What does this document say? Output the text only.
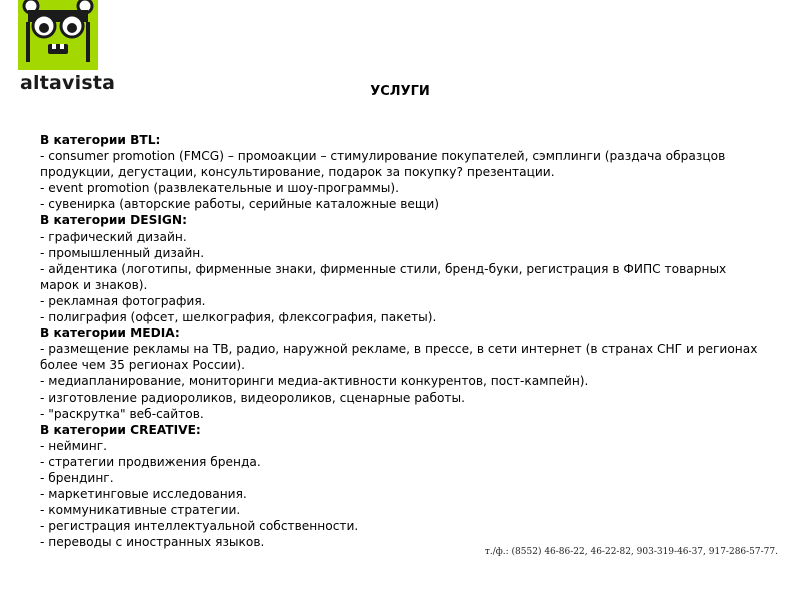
altavista	УСЛУГИ

В категории BTL:

- consumer promotion (FMCG) – промоакции – стимулирование покупателей, сэмплинги (раздача образцов продукции, дегустации, консультирование, подарок за покупку? презентации.

- event promotion (развлекательные и шоу-программы).

- сувенирка (авторские работы, серийные каталожные вещи)

В категории DESIGN:

- графический дизайн.

- промышленный дизайн.

- айдентика (логотипы, фирменные знаки, фирменные стили, бренд-буки, регистрация в ФИПС товарных марок и знаков).

- рекламная фотография.

- полиграфия (офсет, шелкография, флексография, пакеты).

В категории MEDIA:

- размещение рекламы на ТВ, радио, наружной рекламе, в прессе, в сети интернет (в странах СНГ и регионах более чем 35 регионах России).

- медиапланирование, мониторинги медиа-активности конкурентов, пост-кампейн).

- изготовление радиороликов, видеороликов, сценарные работы.

- "раскрутка" веб-сайтов.

В категории CREATIVE:

- нейминг.

- стратегии продвижения бренда.

- брендинг.

- маркетинговые исследования.

- коммуникативные стратегии.

- регистрация интеллектуальной собственности.

- переводы с иностранных языков.

т./ф.: (8552) 46-86-22, 46-22-82, 903-319-46-37, 917-286-57-77.
